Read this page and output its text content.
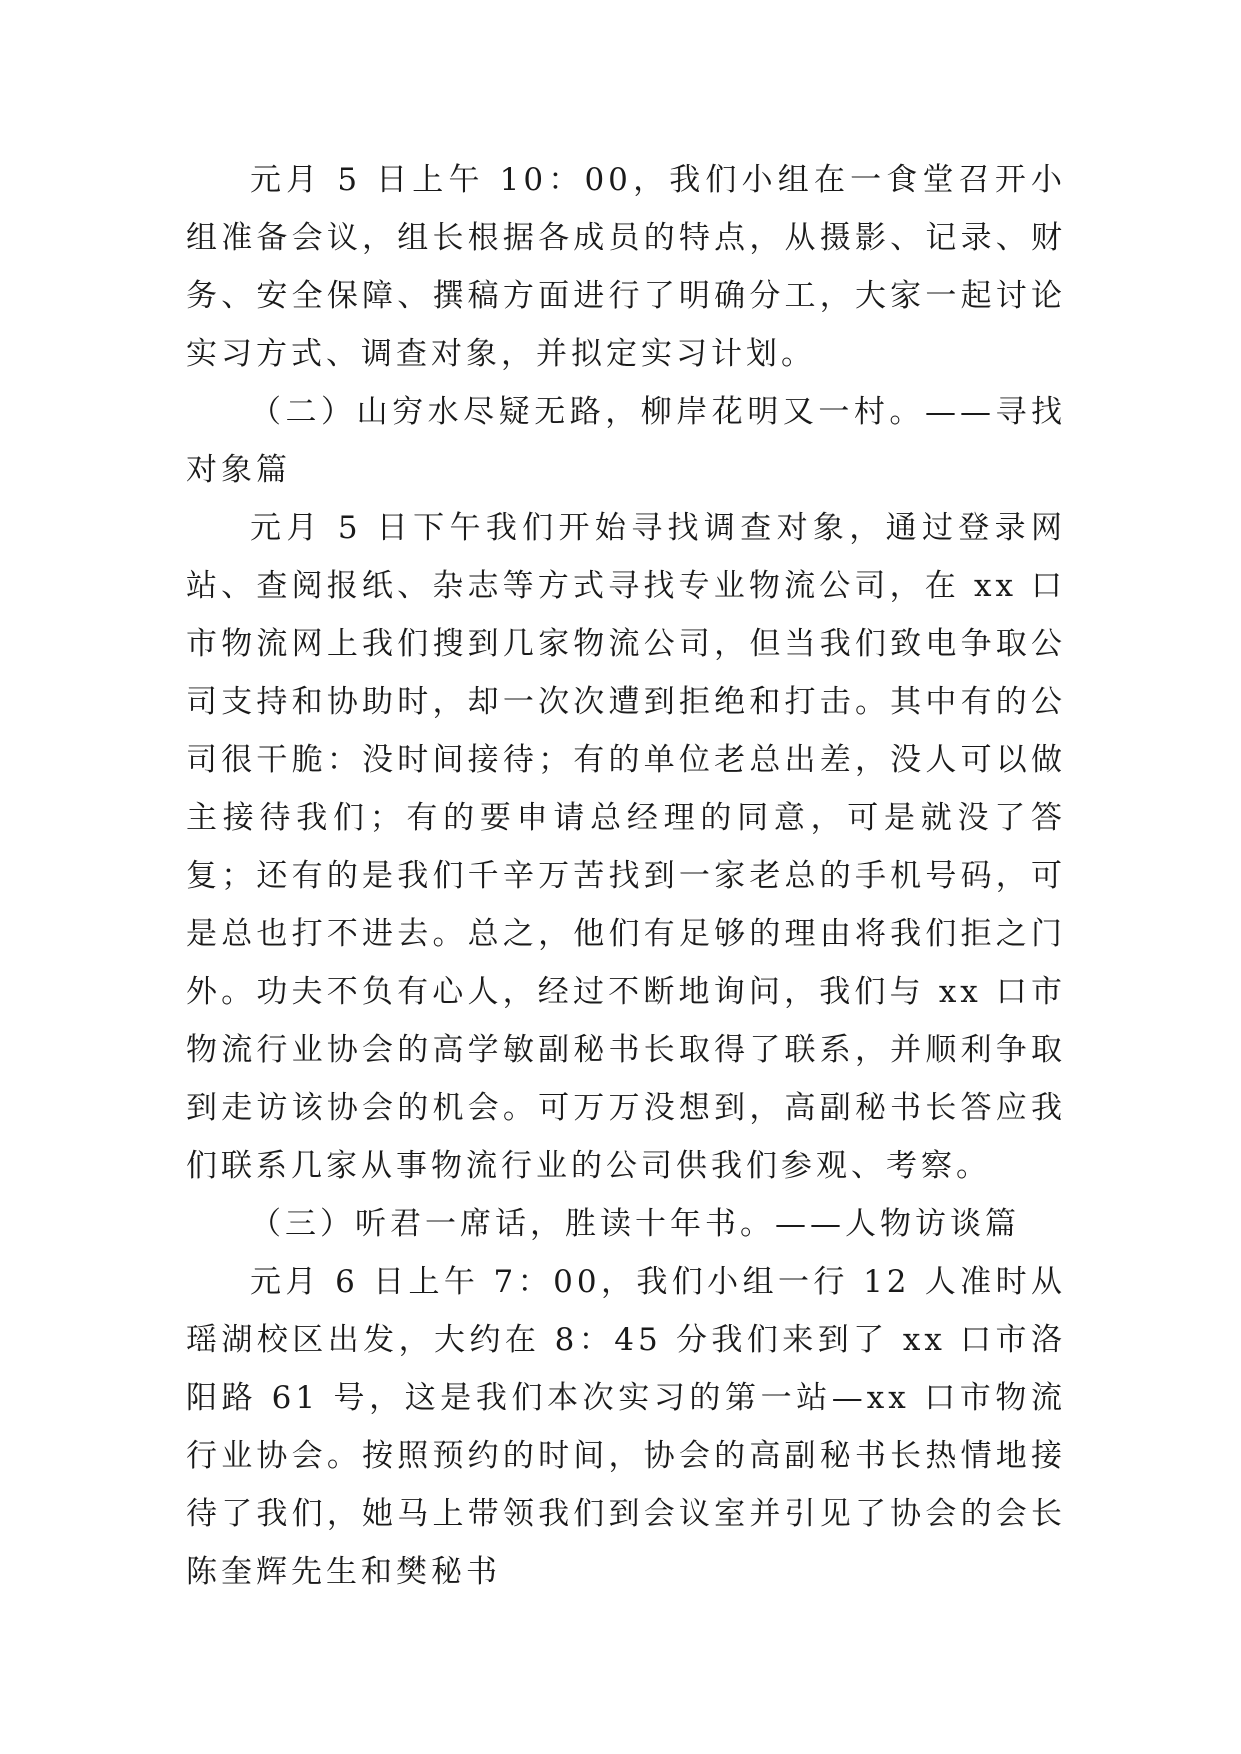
元月 5 日上午 10：00，我们小组在一食堂召开小组准备会议，组长根据各成员的特点，从摄影、记录、财务、安全保障、撰稿方面进行了明确分工，大家一起讨论实习方式、调查对象，并拟定实习计划。

（二）山穷水尽疑无路，柳岸花明又一村。——寻找对象篇

元月 5 日下午我们开始寻找调查对象，通过登录网站、查阅报纸、杂志等方式寻找专业物流公司，在 xx 口市物流网上我们搜到几家物流公司，但当我们致电争取公司支持和协助时，却一次次遭到拒绝和打击。其中有的公司很干脆：没时间接待；有的单位老总出差，没人可以做主接待我们；有的要申请总经理的同意，可是就没了答复；还有的是我们千辛万苦找到一家老总的手机号码，可是总也打不进去。总之，他们有足够的理由将我们拒之门外。功夫不负有心人，经过不断地询问，我们与 xx 口市物流行业协会的高学敏副秘书长取得了联系，并顺利争取到走访该协会的机会。可万万没想到，高副秘书长答应我们联系几家从事物流行业的公司供我们参观、考察。

（三）听君一席话，胜读十年书。——人物访谈篇

元月 6 日上午 7：00，我们小组一行 12 人准时从瑶湖校区出发，大约在 8：45 分我们来到了 xx 口市洛阳路 61 号，这是我们本次实习的第一站—xx 口市物流行业协会。按照预约的时间，协会的高副秘书长热情地接待了我们，她马上带领我们到会议室并引见了协会的会长陈奎辉先生和樊秘书
